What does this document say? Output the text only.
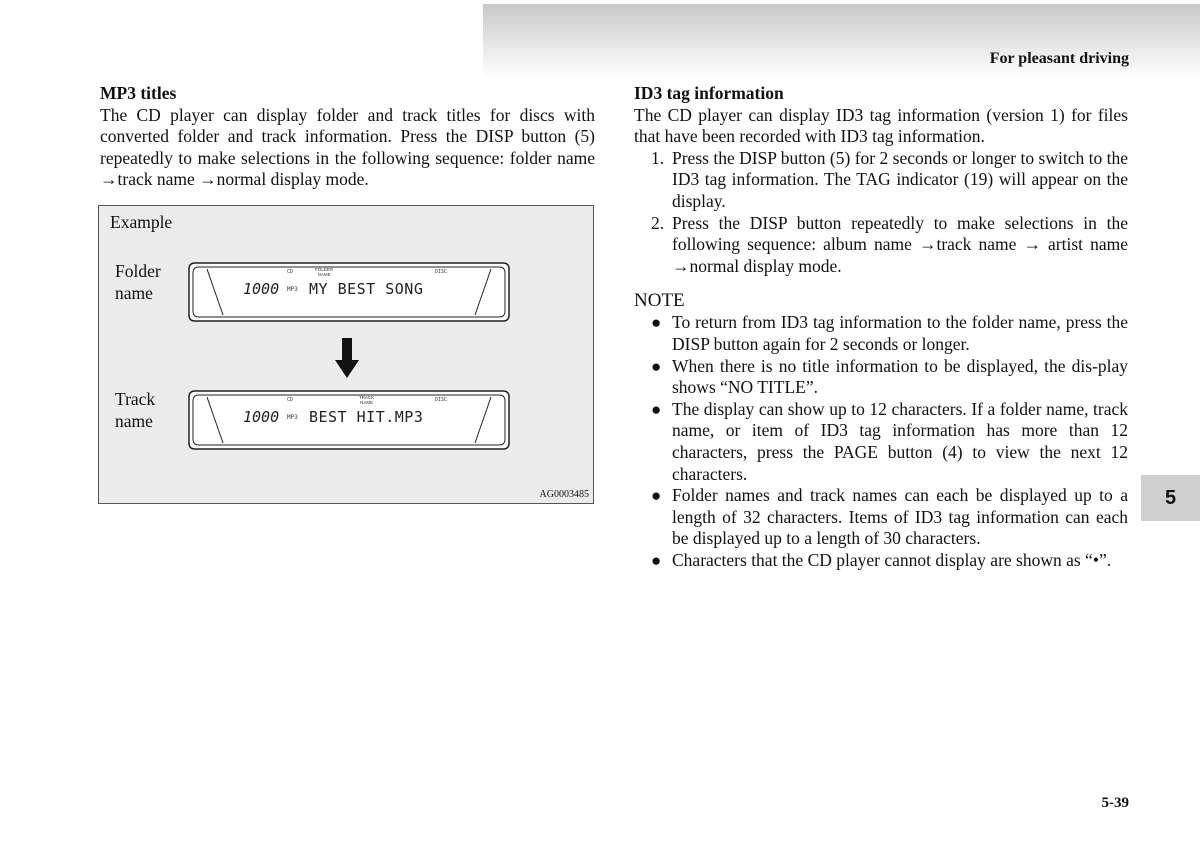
For pleasant driving
MP3 titles

The CD player can display folder and track titles for discs with converted folder and track information. Press the DISP button (5) repeatedly to make selections in the following sequence: folder name →track name →normal display mode.

Example
Folder
name
CD	FOLDER
NAME	DISC
1000 MP3 MY BEST SONG
Track
name
CD	TRACK
NAME	DISC
1000 MP3 BEST HIT.MP3
AG0003485
ID3 tag information

The CD player can display ID3 tag information (version 1) for files that have been recorded with ID3 tag information.

1. Press the DISP button (5) for 2 seconds or longer to switch to the ID3 tag information. The TAG indicator (19) will appear on the display.
2. Press the DISP button repeatedly to make selections in the following sequence: album name →track name → artist name →normal display mode.
NOTE
● To return from ID3 tag information to the folder name, press the DISP button again for 2 seconds or longer.
● When there is no title information to be displayed, the dis-play shows “NO TITLE”.
● The display can show up to 12 characters. If a folder name, track name, or item of ID3 tag information has more than 12 characters, press the PAGE button (4) to view the next 12 characters.
● Folder names and track names can each be displayed up to a length of 32 characters. Items of ID3 tag information can each be displayed up to a length of 30 characters.
● Characters that the CD player cannot display are shown as “•”.
5
5-39
